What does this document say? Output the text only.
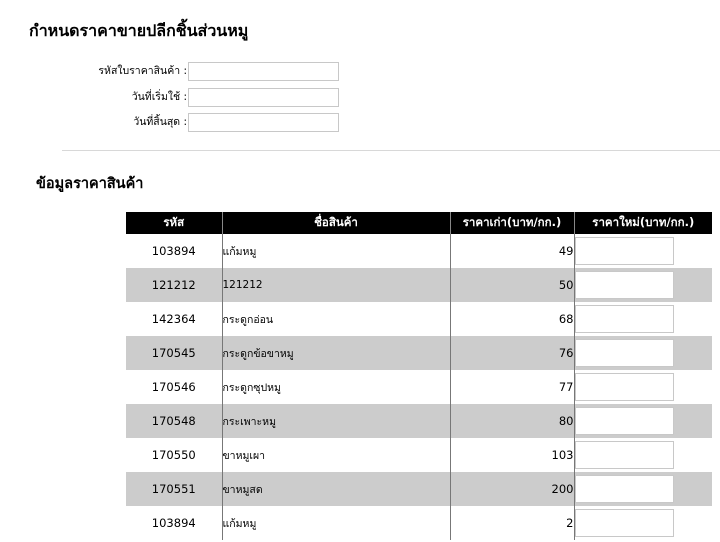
กำหนดราคาขายปลีกชิ้นส่วนหมู
รหัสใบราคาสินค้า :
วันที่เริ่มใช้ :
วันที่สิ้นสุด :
ข้อมูลราคาสินค้า
รหัส	ชื่อสินค้า	ราคาเก่า(บาท/กก.)	ราคาใหม่(บาท/กก.)
103894	แก้มหมู	49	

121212	121212	50	

142364	กระดูกอ่อน	68	

170545	กระดูกข้อขาหมู	76	

170546	กระดูกซุปหมู	77	

170548	กระเพาะหมู	80	

170550	ขาหมูเผา	103	

170551	ขาหมูสด	200	

103894	แก้มหมู	2	
